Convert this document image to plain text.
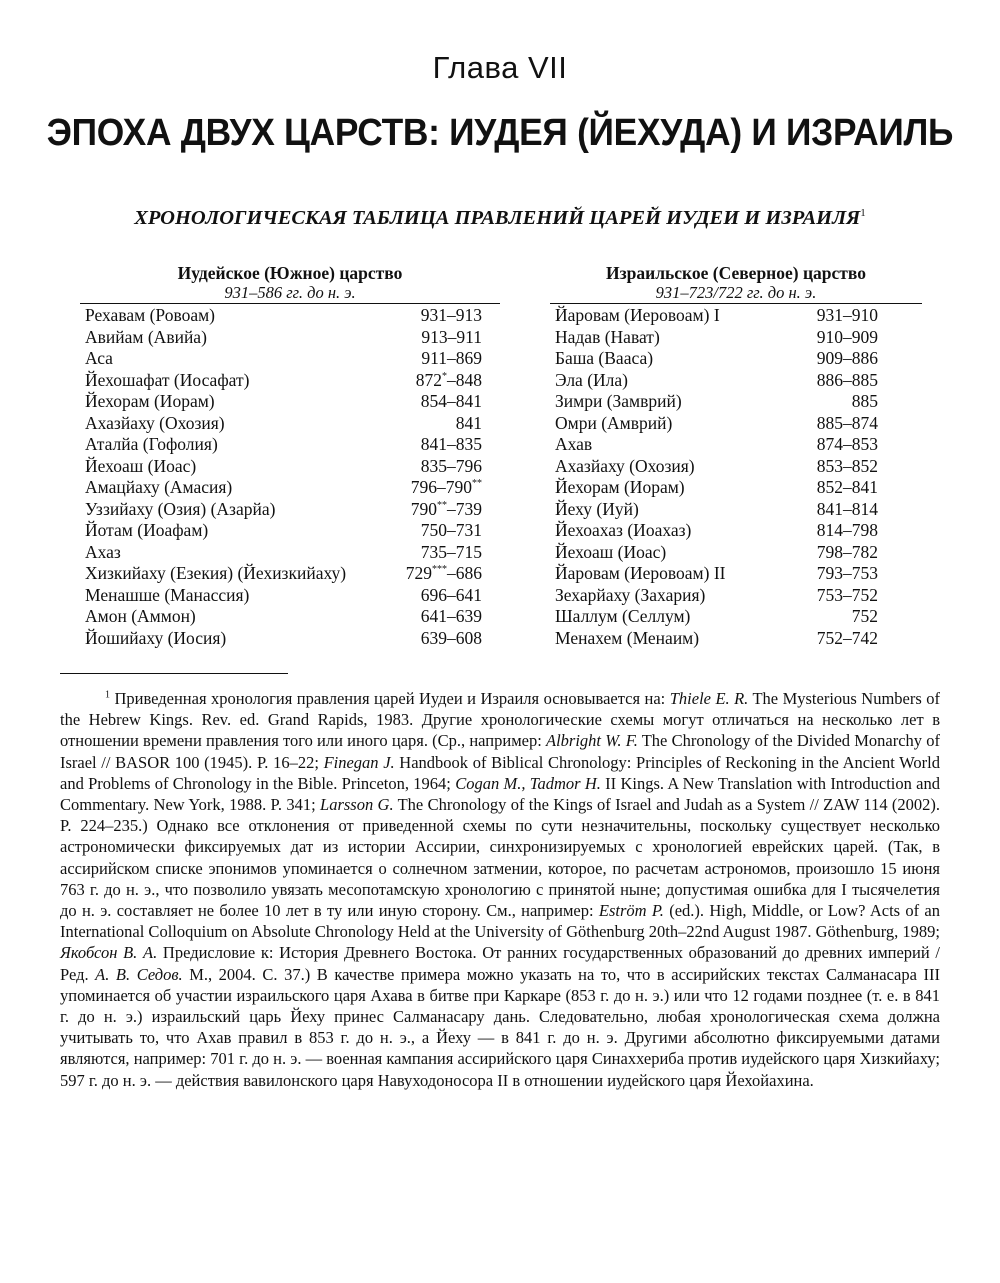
Глава VII
ЭПОХА ДВУХ ЦАРСТВ: ИУДЕЯ (ЙЕХУДА) И ИЗРАИЛЬ
ХРОНОЛОГИЧЕСКАЯ ТАБЛИЦА ПРАВЛЕНИЙ ЦАРЕЙ ИУДЕИ И ИЗРАИЛЯ$^1$
Иудейское (Южное) царство
931–586 гг. до н. э.
Рехавам (Ровоам)	931–913
Авийам (Авийа)	913–911
Аса	911–869
Йехошафат (Иосафат)	872*–848
Йехорам (Иорам)	854–841
Ахазйаху (Охозия)	841
Аталйа (Гофолия)	841–835
Йехоаш (Иоас)	835–796
Амацйаху (Амасия)	796–790**
Уззийаху (Озия) (Азарйа)	790**–739
Йотам (Иоафам)	750–731
Ахаз	735–715
Хизкийаху (Езекия) (Йехизкийаху)	729***–686
Менашше (Манассия)	696–641
Амон (Аммон)	641–639
Йошийаху (Иосия)	639–608
Израильское (Северное) царство
931–723/722 гг. до н. э.
Йаровам (Иеровоам) I	931–910
Надав (Нават)	910–909
Баша (Вааса)	909–886
Эла (Ила)	886–885
Зимри (Замврий)	885
Омри (Амврий)	885–874
Ахав	874–853
Ахазйаху (Охозия)	853–852
Йехорам (Иорам)	852–841
Йеху (Иуй)	841–814
Йехоахаз (Иоахаз)	814–798
Йехоаш (Иоас)	798–782
Йаровам (Иеровоам) II	793–753
Зехарйаху (Захария)	753–752
Шаллум (Селлум)	752
Менахем (Менаим)	752–742
$^1$ Приведенная хронология правления царей Иудеи и Израиля основывается на: Thiele E. R. The Mysterious Numbers of the Hebrew Kings. Rev. ed. Grand Rapids, 1983. Другие хронологические схемы могут отличаться на несколько лет в отношении времени правления того или иного царя. (Ср., например: Albright W. F. The Chronology of the Divided Monarchy of Israel // BASOR 100 (1945). P. 16–22; Finegan J. Handbook of Biblical Chronology: Principles of Reckoning in the Ancient World and Problems of Chronology in the Bible. Princeton, 1964; Cogan M., Tadmor H. II Kings. A New Translation with Introduction and Commentary. New York, 1988. P. 341; Larsson G. The Chronology of the Kings of Israel and Judah as a System // ZAW 114 (2002). P. 224–235.) Однако все отклонения от приведенной схемы по сути незначительны, поскольку существует несколько астрономически фиксируемых дат из истории Ассирии, синхронизируемых с хронологией еврейских царей. (Так, в ассирийском списке эпонимов упоминается о солнечном затмении, которое, по расчетам астрономов, произошло 15 июня 763 г. до н. э., что позволило увязать месопотамскую хронологию с принятой ныне; допустимая ошибка для I тысячелетия до н. э. составляет не более 10 лет в ту или иную сторону. См., например: Eström P. (ed.). High, Middle, or Low? Acts of an International Colloquium on Absolute Chronology Held at the University of Göthenburg 20th–22nd August 1987. Göthenburg, 1989; Якобсон В. А. Предисловие к: История Древнего Востока. От ранних государственных образований до древних империй / Ред. А. В. Седов. М., 2004. С. 37.) В качестве примера можно указать на то, что в ассирийских текстах Салманасара III упоминается об участии израильского царя Ахава в битве при Каркаре (853 г. до н. э.) или что 12 годами позднее (т. е. в 841 г. до н. э.) израильский царь Йеху принес Салманасару дань. Следовательно, любая хронологическая схема должна учитывать то, что Ахав правил в 853 г. до н. э., а Йеху — в 841 г. до н. э. Другими абсолютно фиксируемыми датами являются, например: 701 г. до н. э. — военная кампания ассирийского царя Синаххериба против иудейского царя Хизкийаху; 597 г. до н. э. — действия вавилонского царя Навуходоносора II в отношении иудейского царя Йехойахина.
